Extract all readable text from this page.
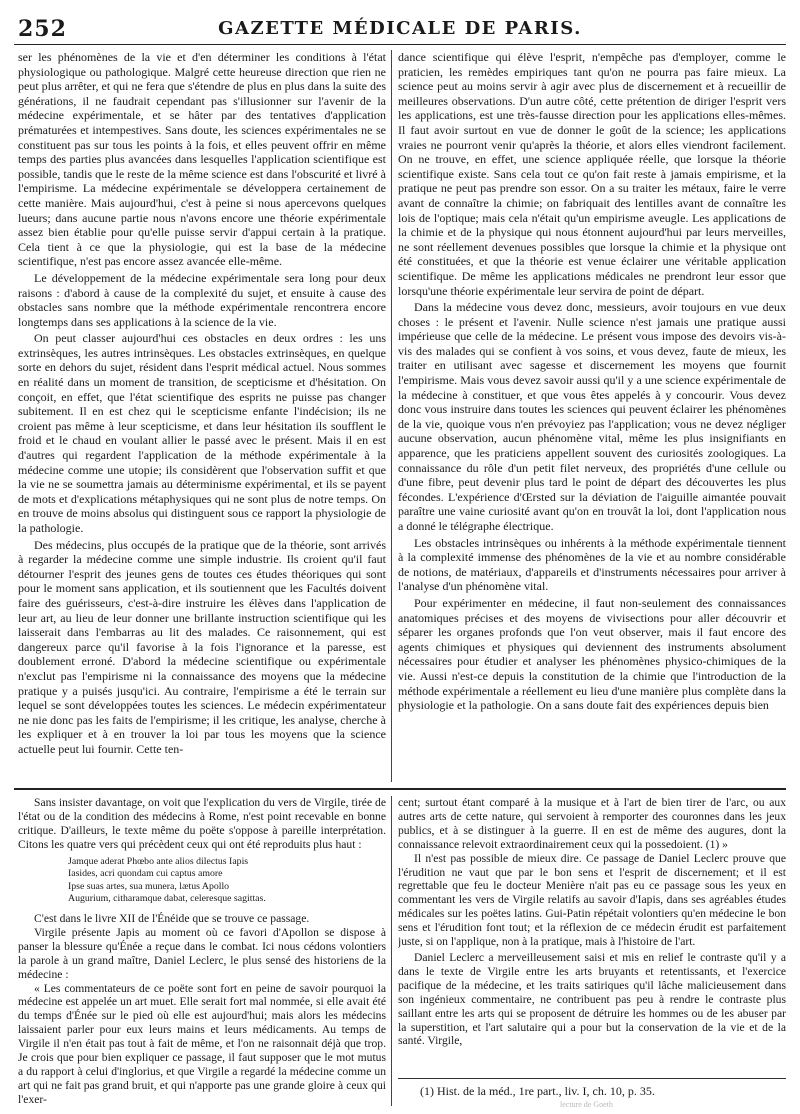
252	GAZETTE MÉDICALE DE PARIS.

ser les phénomènes de la vie et d'en déterminer les conditions à l'état physiologique ou pathologique. Malgré cette heureuse direction que rien ne peut plus arrêter, et qui ne fera que s'étendre de plus en plus dans la suite des générations, il ne faudrait cependant pas s'illusionner sur l'avenir de la médecine expérimentale, et se hâter par des tentatives d'application prématurées et intempestives. Sans doute, les sciences expérimentales ne se constituent pas sur tous les points à la fois, et elles peuvent offrir en même temps des parties plus avancées dans lesquelles l'application scientifique est possible, tandis que le reste de la même science est dans l'obscurité et livré à l'empirisme. La médecine expérimentale se développera certainement de cette manière. Mais aujourd'hui, c'est à peine si nous apercevons quelques lueurs; dans aucune partie nous n'avons encore une théorie expérimentale assez bien établie pour qu'elle puisse servir d'appui certain à la pratique. Cela tient à ce que la physiologie, qui est la base de la médecine scientifique, n'est pas encore assez avancée elle-même.

Le développement de la médecine expérimentale sera long pour deux raisons : d'abord à cause de la complexité du sujet, et ensuite à cause des obstacles sans nombre que la méthode expérimentale rencontrera encore longtemps dans ses applications à la science de la vie.

On peut classer aujourd'hui ces obstacles en deux ordres : les uns extrinsèques, les autres intrinsèques. Les obstacles extrinsèques, en quelque sorte en dehors du sujet, résident dans l'esprit médical actuel. Nous sommes en réalité dans un moment de transition, de scepticisme et d'hésitation. On conçoit, en effet, que l'état scientifique des esprits ne puisse pas changer subitement. Il en est chez qui le scepticisme enfante l'indécision; ils ne croient pas même à leur scepticisme, et dans leur hésitation ils soufflent le froid et le chaud en voulant allier le passé avec le présent. Mais il en est d'autres qui regardent l'application de la méthode expérimentale à la médecine comme une utopie; ils considèrent que l'observation suffit et que la vie ne se soumettra jamais au déterminisme expérimental, et ils se payent de mots et d'explications métaphysiques qui ne sont plus de notre temps. On en trouve de moins absolus qui distinguent sous ce rapport la physiologie de la pathologie.

Des médecins, plus occupés de la pratique que de la théorie, sont arrivés à regarder la médecine comme une simple industrie. Ils croient qu'il faut détourner l'esprit des jeunes gens de toutes ces études théoriques qui sont pour le moment sans application, et ils soutiennent que les Facultés doivent faire des guérisseurs, c'est-à-dire instruire les élèves dans l'application de leur art, au lieu de leur donner une brillante instruction scientifique qui les laisserait dans l'embarras au lit des malades. Ce raisonnement, qui est dangereux parce qu'il favorise à la fois l'ignorance et la paresse, est doublement erroné. D'abord la médecine scientifique ou expérimentale n'exclut pas l'empirisme ni la connaissance des moyens que la médecine pratique y a puisés jusqu'ici. Au contraire, l'empirisme a été le terrain sur lequel se sont développées toutes les sciences. Le médecin expérimentateur ne nie donc pas les faits de l'empirisme; il les critique, les analyse, cherche à les expliquer et à en trouver la loi par tous les moyens que la science actuelle peut lui fournir. Cette ten-

dance scientifique qui élève l'esprit, n'empêche pas d'employer, comme le praticien, les remèdes empiriques tant qu'on ne pourra pas faire mieux. La science peut au moins servir à agir avec plus de discernement et à recueillir de meilleures observations. D'un autre côté, cette prétention de diriger l'esprit vers les applications, est une très-fausse direction pour les applications elles-mêmes. Il faut avoir surtout en vue de donner le goût de la science; les applications vraies ne pourront venir qu'après la théorie, et alors elles viendront facilement. On ne trouve, en effet, une science appliquée réelle, que lorsque la théorie scientifique existe. Sans cela tout ce qu'on fait reste à jamais empirisme, et la pratique ne peut pas prendre son essor. On a su traiter les métaux, faire le verre avant de connaître la chimie; on fabriquait des lentilles avant de connaître les lois de l'optique; mais cela n'était qu'un empirisme aveugle. Les applications de la chimie et de la physique qui nous étonnent aujourd'hui par leurs merveilles, ne sont réellement devenues possibles que lorsque la chimie et la physique ont été constituées, et que la théorie est venue éclairer une véritable application scientifique. De même les applications médicales ne prendront leur essor que lorsqu'une théorie expérimentale leur servira de point de départ.

Dans la médecine vous devez donc, messieurs, avoir toujours en vue deux choses : le présent et l'avenir. Nulle science n'est jamais une pratique aussi impérieuse que celle de la médecine. Le présent vous impose des devoirs vis-à-vis des malades qui se confient à vos soins, et vous devez, faute de mieux, les traiter en utilisant avec sagesse et discernement les moyens que fournit l'empirisme. Mais vous devez savoir aussi qu'il y a une science expérimentale de la médecine à constituer, et que vous êtes appelés à y concourir. Vous devez donc vous instruire dans toutes les sciences qui peuvent éclairer les phénomènes de la vie, quoique vous n'en prévoyiez pas l'application; vous ne devez négliger aucune observation, aucun phénomène vital, même les plus insignifiants en apparence, que les praticiens appellent souvent des curiosités zoologiques. La connaissance du rôle d'un petit filet nerveux, des propriétés d'une cellule ou d'une fibre, peut devenir plus tard le point de départ des découvertes les plus fécondes. L'expérience d'Œrsted sur la déviation de l'aiguille aimantée pouvait paraître une vaine curiosité avant qu'on en trouvât la loi, dont l'application nous a donné le télégraphe électrique.

Les obstacles intrinsèques ou inhérents à la méthode expérimentale tiennent à la complexité immense des phénomènes de la vie et au nombre considérable de notions, de matériaux, d'appareils et d'instruments nécessaires pour arriver à l'analyse d'un phénomène vital.

Pour expérimenter en médecine, il faut non-seulement des connaissances anatomiques précises et des moyens de vivisections pour aller découvrir et séparer les organes profonds que l'on veut observer, mais il faut encore des agents chimiques et physiques qui deviennent des instruments absolument nécessaires pour étudier et analyser les phénomènes physico-chimiques de la vie. Aussi n'est-ce depuis la constitution de la chimie que l'introduction de la méthode expérimentale a réellement eu lieu d'une manière plus complète dans la physiologie et la pathologie. On a sans doute fait des expériences depuis bien

Sans insister davantage, on voit que l'explication du vers de Virgile, tirée de l'état ou de la condition des médecins à Rome, n'est point recevable en bonne critique. D'ailleurs, le texte même du poëte s'oppose à pareille interprétation. Citons les quatre vers qui précèdent ceux qui ont été reproduits plus haut :

Jamque aderat Phœbo ante alios dilectus Iapis
Iasides, acri quondam cui captus amore
Ipse suas artes, sua munera, lætus Apollo
Augurium, citharamque dabat, celeresque sagittas.

C'est dans le livre XII de l'Énéide que se trouve ce passage.

Virgile présente Japis au moment où ce favori d'Apollon se dispose à panser la blessure qu'Énée a reçue dans le combat. Ici nous cédons volontiers la parole à un grand maître, Daniel Leclerc, le plus sensé des historiens de la médecine :

« Les commentateurs de ce poëte sont fort en peine de savoir pourquoi la médecine est appelée un art muet. Elle serait fort mal nommée, si elle avait été du temps d'Énée sur le pied où elle est aujourd'hui; mais alors les médecins laissaient parler pour eux leurs mains et leurs médicaments. Au temps de Virgile il n'en était pas tout à fait de même, et l'on ne raisonnait déjà que trop. Je crois que pour bien expliquer ce passage, il faut supposer que le mot mutus a du rapport à celui d'inglorius, et que Virgile a regardé la médecine comme un art qui ne fait pas grand bruit, et qui n'apporte pas une grande gloire à ceux qui l'exer-

cent; surtout étant comparé à la musique et à l'art de bien tirer de l'arc, ou aux autres arts de cette nature, qui servoient à remporter des couronnes dans les jeux publics, et à se distinguer à la guerre. Il en est de même des augures, dont la connaissance relevoit extraordinairement ceux qui la possedoient. (1) »

Il n'est pas possible de mieux dire. Ce passage de Daniel Leclerc prouve que l'érudition ne vaut que par le bon sens et l'esprit de discernement; et il est regrettable que feu le docteur Menière n'ait pas eu ce passage sous les yeux en commentant les vers de Virgile relatifs au savoir d'Iapis, dans ses agréables études médicales sur les poëtes latins. Gui-Patin répétait volontiers qu'en médecine le bon sens et l'érudition font tout; et la réflexion de ce médecin érudit est parfaitement juste, si on l'applique, non à la pratique, mais à l'histoire de l'art.

Daniel Leclerc a merveilleusement saisi et mis en relief le contraste qu'il y a dans le texte de Virgile entre les arts bruyants et retentissants, et l'exercice pacifique de la médecine, et les traits satiriques qu'il lâche malicieusement dans son ingénieux commentaire, ne contribuent pas peu à rendre le contraste plus saillant entre les arts qui se proposent de détruire les hommes ou de les abuser par la superstition, et l'art salutaire qui a pour but la conservation de la vie et de la santé. Virgile,

(1) Hist. de la méd., 1re part., liv. I, ch. 10, p. 35.
lecture de Goeth
